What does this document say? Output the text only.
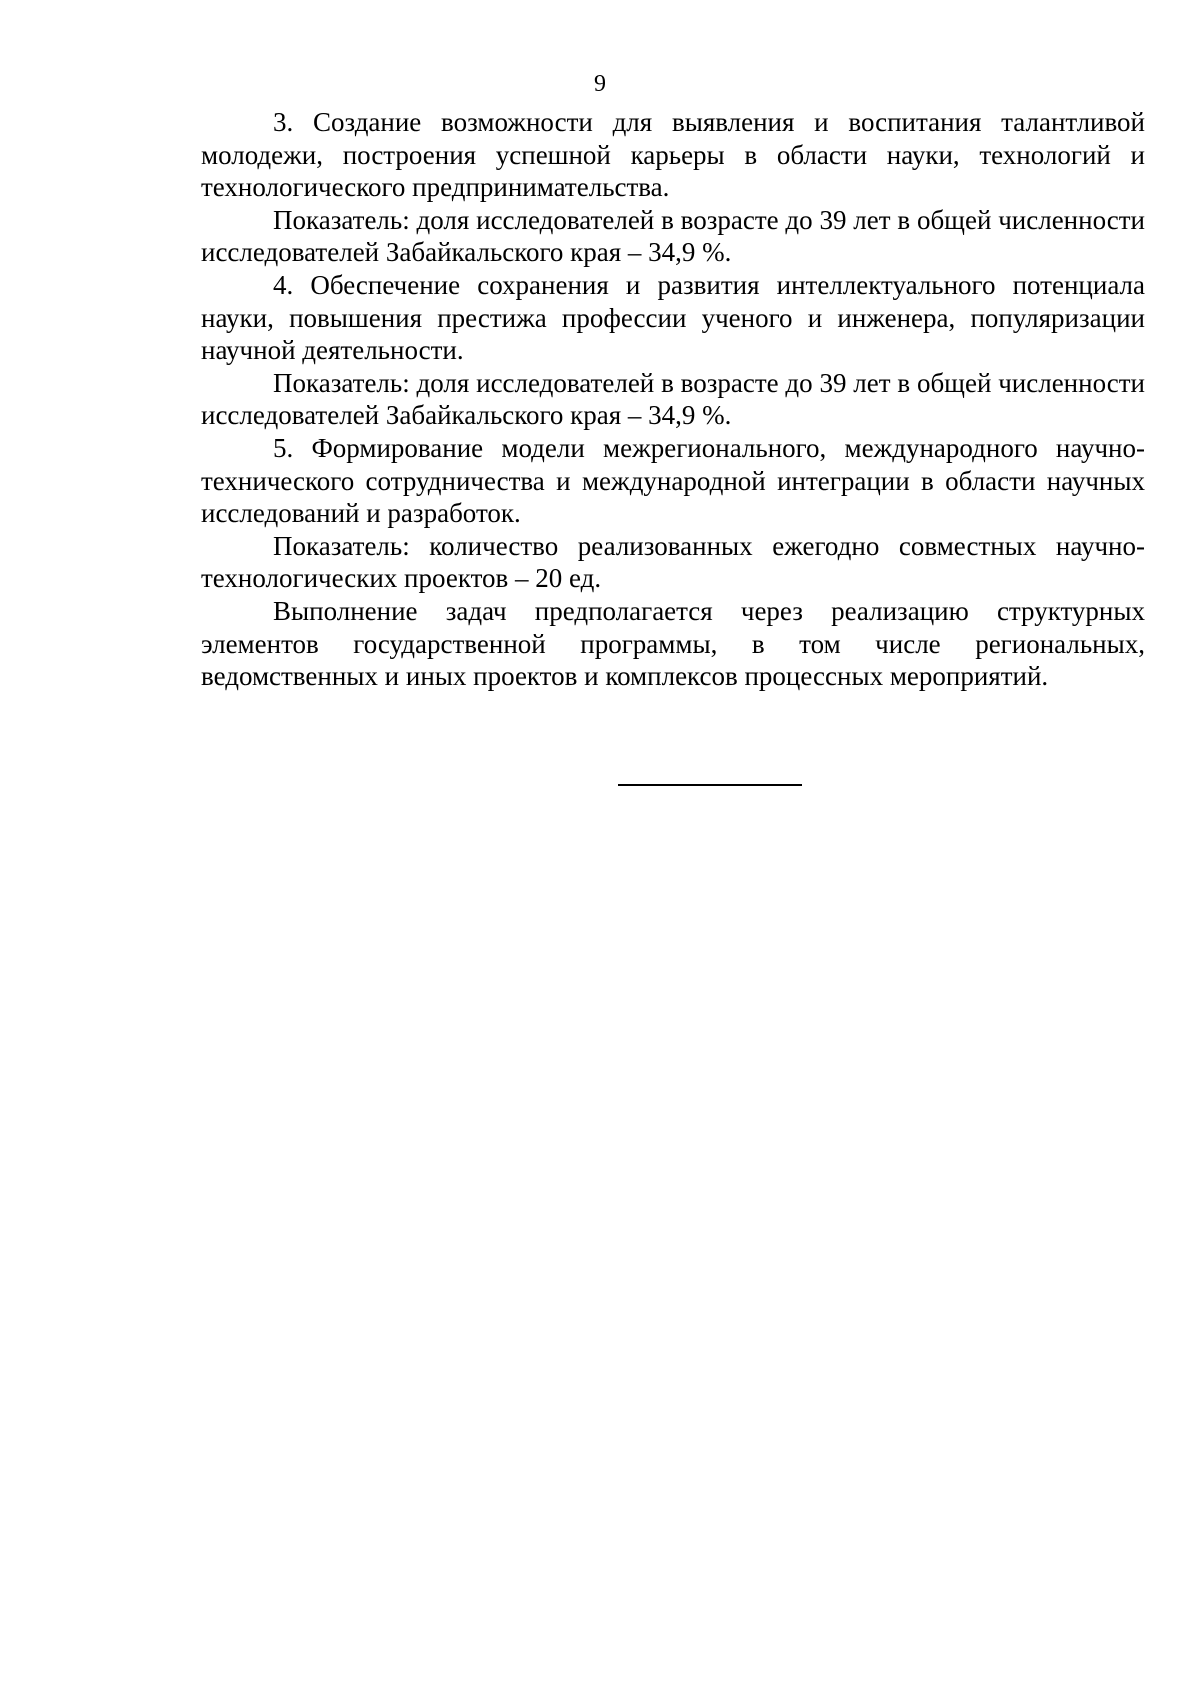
9

3. Создание возможности для выявления и воспитания талантливой молодежи, построения успешной карьеры в области науки, технологий и технологического предпринимательства.

Показатель: доля исследователей в возрасте до 39 лет в общей численности исследователей Забайкальского края – 34,9 %.

4. Обеспечение сохранения и развития интеллектуального потенциала науки, повышения престижа профессии ученого и инженера, популяризации научной деятельности.

Показатель: доля исследователей в возрасте до 39 лет в общей численности исследователей Забайкальского края – 34,9 %.

5. Формирование модели межрегионального, международного научно-технического сотрудничества и международной интеграции в области научных исследований и разработок.

Показатель: количество реализованных ежегодно совместных научно-технологических проектов – 20 ед.

Выполнение задач предполагается через реализацию структурных элементов государственной программы, в том числе региональных, ведомственных и иных проектов и комплексов процессных мероприятий.
